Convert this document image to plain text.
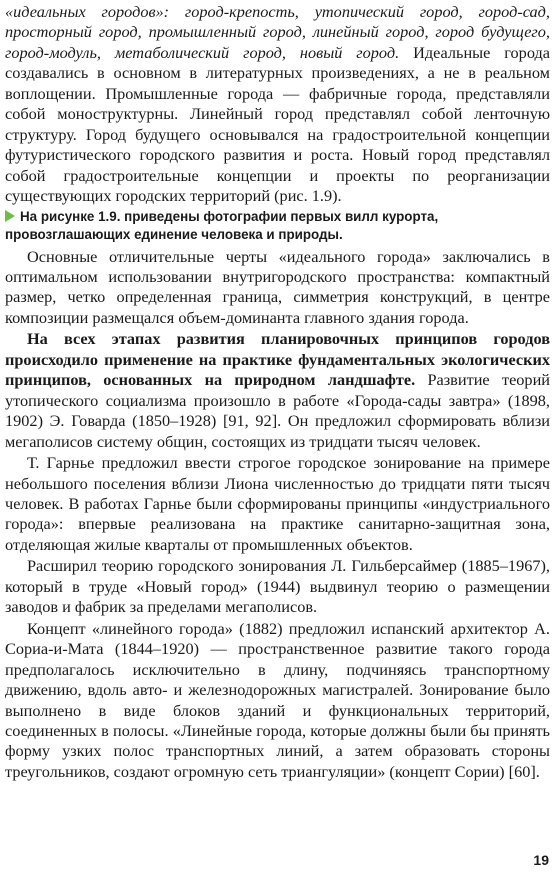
«идеальных городов»: город-крепость, утопический город, город-сад, просторный город, промышленный город, линейный город, город будущего, город-модуль, метаболический город, новый город. Идеальные города создавались в основном в литературных произведениях, а не в реальном воплощении. Промышленные города — фабричные города, представляли собой моноструктурны. Линейный город представлял собой ленточную структуру. Город будущего основывался на градостроительной концепции футуристического городского развития и роста. Новый город представлял собой градостроительные концепции и проекты по реорганизации существующих городских территорий (рис. 1.9).

На рисунке 1.9. приведены фотографии первых вилл курорта, провозглашающих единение человека и природы.

Основные отличительные черты «идеального города» заключались в оптимальном использовании внутригородского пространства: компактный размер, четко определенная граница, симметрия конструкций, в центре композиции размещался объем-доминанта главного здания города.

На всех этапах развития планировочных принципов городов происходило применение на практике фундаментальных экологических принципов, основанных на природном ландшафте. Развитие теорий утопического социализма произошло в работе «Города-сады завтра» (1898, 1902) Э. Говарда (1850–1928) [91, 92]. Он предложил сформировать вблизи мегаполисов систему общин, состоящих из тридцати тысяч человек.

Т. Гарнье предложил ввести строгое городское зонирование на примере небольшого поселения вблизи Лиона численностью до тридцати пяти тысяч человек. В работах Гарнье были сформированы принципы «индустриального города»: впервые реализована на практике санитарно-защитная зона, отделяющая жилые кварталы от промышленных объектов.

Расширил теорию городского зонирования Л. Гильберсаймер (1885–1967), который в труде «Новый город» (1944) выдвинул теорию о размещении заводов и фабрик за пределами мегаполисов.

Концепт «линейного города» (1882) предложил испанский архитектор А. Сориа-и-Мата (1844–1920) — пространственное развитие такого города предполагалось исключительно в длину, подчиняясь транспортному движению, вдоль авто- и железнодорожных магистралей. Зонирование было выполнено в виде блоков зданий и функциональных территорий, соединенных в полосы. «Линейные города, которые должны были бы принять форму узких полос транспортных линий, а затем образовать стороны треугольников, создают огромную сеть триангуляции» (концепт Сории) [60].

19
